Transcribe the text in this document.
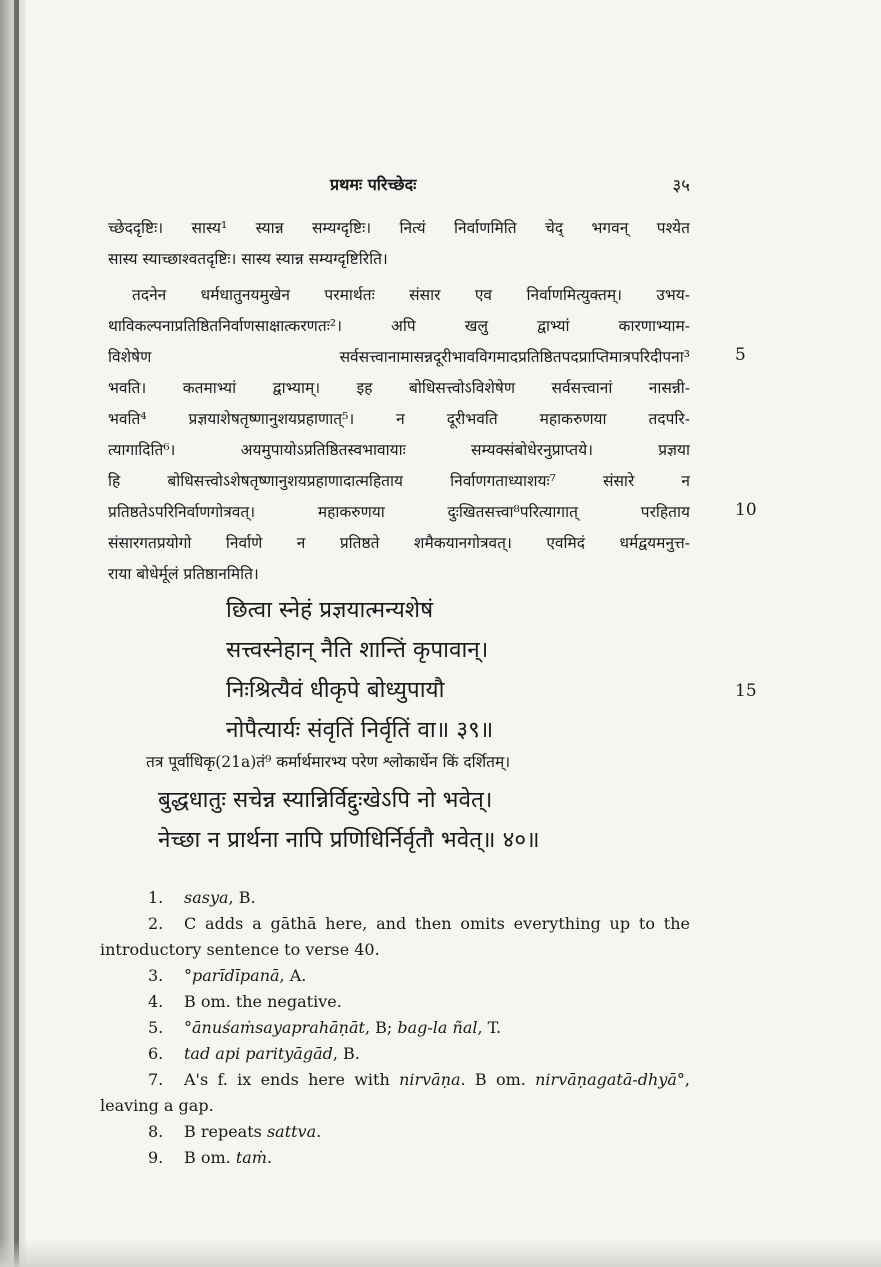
प्रथमः परिच्छेदः	३५
च्छेददृष्टिः। सास्य¹ स्यान्न सम्यग्दृष्टिः। नित्यं निर्वाणमिति चेद् भगवन् पश्येत
सास्य स्याच्छाश्वतदृष्टिः। सास्य स्यान्न सम्यग्दृष्टिरिति।
तदनेन धर्मधातुनयमुखेन परमार्थतः संसार एव निर्वाणमित्युक्तम्। उभय-
थाविकल्पनाप्रतिष्ठितनिर्वाणसाक्षात्करणतः²। अपि खलु द्वाभ्यां कारणाभ्याम-
विशेषेण सर्वसत्त्वानामासन्नदूरीभावविगमादप्रतिष्ठितपदप्राप्तिमात्रपरिदीपना³
भवति। कतमाभ्यां द्वाभ्याम्। इह बोधिसत्त्वोऽविशेषेण सर्वसत्त्वानां नासन्नी-
भवति⁴ प्रज्ञयाशेषतृष्णानुशयप्रहाणात्⁵। न दूरीभवति महाकरुणया तदपरि-
त्यागादिति⁶। अयमुपायोऽप्रतिष्ठितस्वभावायाः सम्यक्संबोधेरनुप्राप्तये। प्रज्ञया
हि बोधिसत्त्वोऽशेषतृष्णानुशयप्रहाणादात्महिताय निर्वाणगताध्याशयः⁷ संसारे न
प्रतिष्ठतेऽपरिनिर्वाणगोत्रवत्। महाकरुणया दुःखितसत्त्वा⁸परित्यागात् परहिताय
संसारगतप्रयोगो निर्वाणे न प्रतिष्ठते शमैकयानगोत्रवत्। एवमिदं धर्मद्वयमनुत्त-
राया बोधेर्मूलं प्रतिष्ठानमिति।
छित्वा स्नेहं प्रज्ञयात्मन्यशेषं
सत्त्वस्नेहान् नैति शान्तिं कृपावान्।
निःश्रित्यैवं धीकृपे बोध्युपायौ
नोपैत्यार्यः संवृतिं निर्वृतिं वा॥ ३९॥
तत्र पूर्वाधिकृ(21a)तं⁹ कर्मार्थमारभ्य परेण श्लोकार्धेन किं दर्शितम्।
बुद्धधातुः सचेन्न स्यान्निर्विद्दुःखेऽपि नो भवेत्।
नेच्छा न प्रार्थना नापि प्रणिधिर्निर्वृतौ भवेत्॥ ४०॥
5
10
15
1. sasya, B.
2. C adds a gāthā here, and then omits everything up to the introductory sentence to verse 40.
3. °parīdīpanā, A.
4. B om. the negative.
5. °ānuśaṁsayaprahāṇāt, B; bag-la ñal, T.
6. tad api parityāgād, B.
7. A's f. ix ends here with nirvāṇa. B om. nirvāṇagatā-dhyā°, leaving a gap.
8. B repeats sattva.
9. B om. taṁ.
